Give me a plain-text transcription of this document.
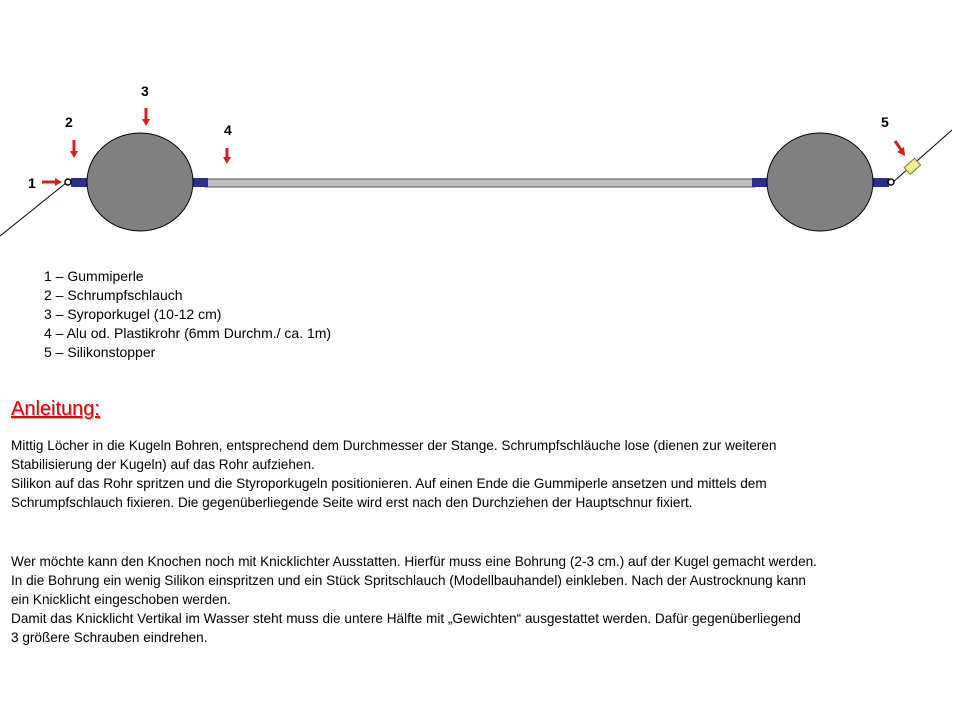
1
2
3
4	5
1 – Gummiperle
2 – Schrumpfschlauch
3 – Syroporkugel (10-12 cm)
4 – Alu od. Plastikrohr (6mm Durchm./ ca. 1m)
5 – Silikonstopper
Anleitung:
Mittig Löcher in die Kugeln Bohren, entsprechend dem Durchmesser der Stange. Schrumpfschläuche lose (dienen zur weiteren
Stabilisierung der Kugeln) auf das Rohr aufziehen.
Silikon auf das Rohr spritzen und die Styroporkugeln positionieren. Auf einen Ende die Gummiperle ansetzen und mittels dem
Schrumpfschlauch fixieren. Die gegenüberliegende Seite wird erst nach den Durchziehen der Hauptschnur fixiert.
Wer möchte kann den Knochen noch mit Knicklichter Ausstatten. Hierfür muss eine Bohrung (2-3 cm.) auf der Kugel gemacht werden.
In die Bohrung ein wenig Silikon einspritzen und ein Stück Spritschlauch (Modellbauhandel) einkleben. Nach der Austrocknung kann
ein Knicklicht eingeschoben werden.
Damit das Knicklicht Vertikal im Wasser steht muss die untere Hälfte mit „Gewichten“ ausgestattet werden. Dafür gegenüberliegend
3 größere Schrauben eindrehen.
